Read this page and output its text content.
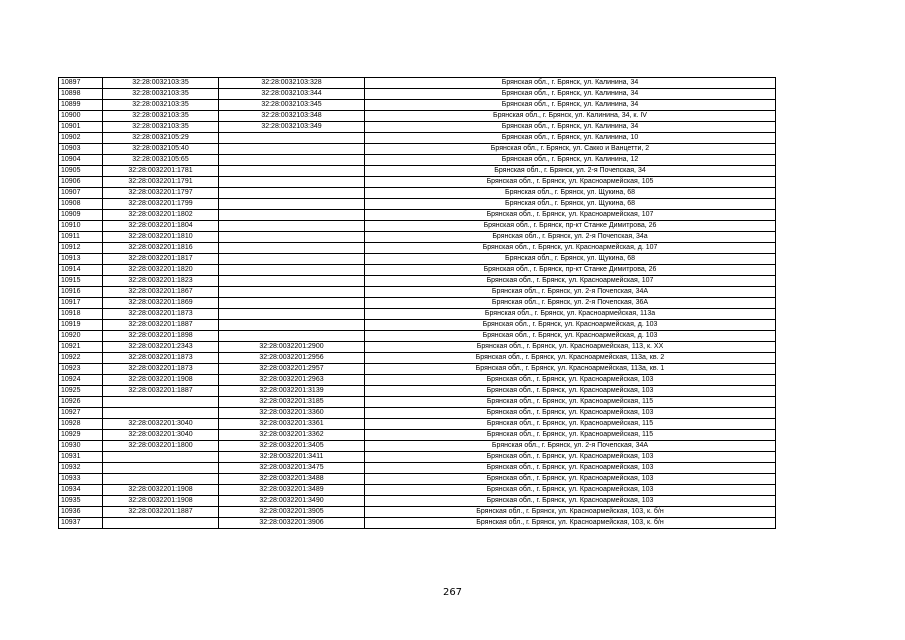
10897	32:28:0032103:35	32:28:0032103:328	Брянская обл., г. Брянск, ул. Калинина, 34
10898	32:28:0032103:35	32:28:0032103:344	Брянская обл., г. Брянск, ул. Калинина, 34
10899	32:28:0032103:35	32:28:0032103:345	Брянская обл., г. Брянск, ул. Калинина, 34
10900	32:28:0032103:35	32:28:0032103:348	Брянская обл., г. Брянск, ул. Калинина, 34, к. IV
10901	32:28:0032103:35	32:28:0032103:349	Брянская обл., г. Брянск, ул. Калинина, 34
10902	32:28:0032105:29		Брянская обл., г. Брянск, ул. Калинина, 10
10903	32:28:0032105:40		Брянская обл., г. Брянск, ул. Сакко и Ванцетти, 2
10904	32:28:0032105:65		Брянская обл., г. Брянск, ул. Калинина, 12
10905	32:28:0032201:1781		Брянская обл., г. Брянск, ул. 2-я Почепская, 34
10906	32:28:0032201:1791		Брянская обл., г. Брянск, ул. Красноармейская, 105
10907	32:28:0032201:1797		Брянская обл., г. Брянск, ул. Щукина, 68
10908	32:28:0032201:1799		Брянская обл., г. Брянск, ул. Щукина, 68
10909	32:28:0032201:1802		Брянская обл., г. Брянск, ул. Красноармейская, 107
10910	32:28:0032201:1804		Брянская обл., г. Брянск, пр-кт Станке Димитрова, 26
10911	32:28:0032201:1810		Брянская обл., г. Брянск, ул. 2-я Почепская, 34а
10912	32:28:0032201:1816		Брянская обл., г. Брянск, ул. Красноармейская, д. 107
10913	32:28:0032201:1817		Брянская обл., г. Брянск, ул. Щукина, 68
10914	32:28:0032201:1820		Брянская обл., г. Брянск, пр-кт Станке Димитрова, 26
10915	32:28:0032201:1823		Брянская обл., г. Брянск, ул. Красноармейская, 107
10916	32:28:0032201:1867		Брянская обл., г. Брянск, ул. 2-я Почепская, 34А
10917	32:28:0032201:1869		Брянская обл., г. Брянск, ул. 2-я Почепская, 36А
10918	32:28:0032201:1873		Брянская обл., г. Брянск, ул. Красноармейская, 113а
10919	32:28:0032201:1887		Брянская обл., г. Брянск, ул. Красноармейская, д. 103
10920	32:28:0032201:1898		Брянская обл., г. Брянск, ул. Красноармейская, д. 103
10921	32:28:0032201:2343	32:28:0032201:2900	Брянская обл., г. Брянск, ул. Красноармейская, 113, к. XX
10922	32:28:0032201:1873	32:28:0032201:2956	Брянская обл., г. Брянск, ул. Красноармейская, 113а, кв. 2
10923	32:28:0032201:1873	32:28:0032201:2957	Брянская обл., г. Брянск, ул. Красноармейская, 113а, кв. 1
10924	32:28:0032201:1908	32:28:0032201:2963	Брянская обл., г. Брянск, ул. Красноармейская, 103
10925	32:28:0032201:1887	32:28:0032201:3139	Брянская обл., г. Брянск, ул. Красноармейская, 103
10926		32:28:0032201:3185	Брянская обл., г. Брянск, ул. Красноармейская, 115
10927		32:28:0032201:3360	Брянская обл., г. Брянск, ул. Красноармейская, 103
10928	32:28:0032201:3040	32:28:0032201:3361	Брянская обл., г. Брянск, ул. Красноармейская, 115
10929	32:28:0032201:3040	32:28:0032201:3362	Брянская обл., г. Брянск, ул. Красноармейская, 115
10930	32:28:0032201:1800	32:28:0032201:3405	Брянская обл., г. Брянск, ул. 2-я Почепская, 34А
10931		32:28:0032201:3411	Брянская обл., г. Брянск, ул. Красноармейская, 103
10932		32:28:0032201:3475	Брянская обл., г. Брянск, ул. Красноармейская, 103
10933		32:28:0032201:3488	Брянская обл., г. Брянск, ул. Красноармейская, 103
10934	32:28:0032201:1908	32:28:0032201:3489	Брянская обл., г. Брянск, ул. Красноармейская, 103
10935	32:28:0032201:1908	32:28:0032201:3490	Брянская обл., г. Брянск, ул. Красноармейская, 103
10936	32:28:0032201:1887	32:28:0032201:3905	Брянская обл., г. Брянск, ул. Красноармейская, 103, к. б/н
10937		32:28:0032201:3906	Брянская обл., г. Брянск, ул. Красноармейская, 103, к. б/н
267
